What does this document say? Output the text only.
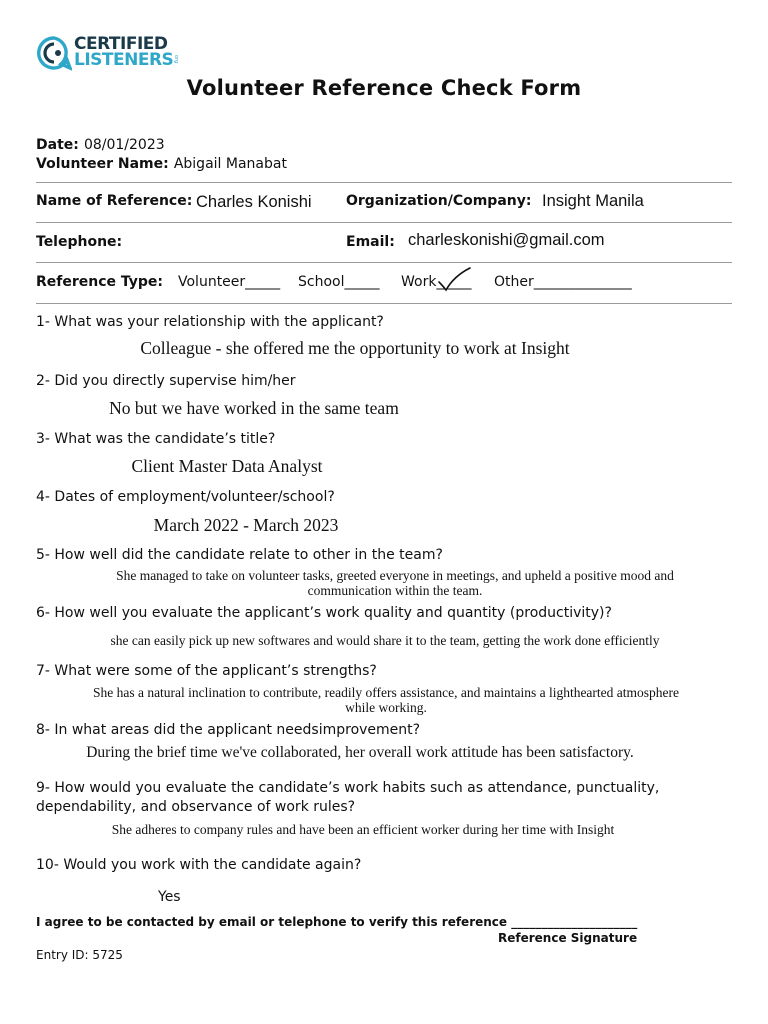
CERTIFIED
LISTENERS org
Volunteer Reference Check Form
Date: 08/01/2023
Volunteer Name: Abigail Manabat
Name of Reference: Charles Konishi Organization/Company: Insight Manila
Telephone:	Email: charleskonishi@gmail.com
Reference Type: Volunteer_____ School_____ Work_____ Other______________
1- What was your relationship with the applicant?
Colleague - she offered me the opportunity to work at Insight
2- Did you directly supervise him/her
No but we have worked in the same team
3- What was the candidate’s title?
Client Master Data Analyst
4- Dates of employment/volunteer/school?
March 2022 - March 2023
5- How well did the candidate relate to other in the team?
She managed to take on volunteer tasks, greeted everyone in meetings, and upheld a positive mood and communication within the team.
6- How well you evaluate the applicant’s work quality and quantity (productivity)?
she can easily pick up new softwares and would share it to the team, getting the work done efficiently
7- What were some of the applicant’s strengths?
She has a natural inclination to contribute, readily offers assistance, and maintains a lighthearted atmosphere while working.
8- In what areas did the applicant needsimprovement?
During the brief time we've collaborated, her overall work attitude has been satisfactory.
9- How would you evaluate the candidate’s work habits such as attendance, punctuality,
dependability, and observance of work rules?
She adheres to company rules and have been an efficient worker during her time with Insight
10- Would you work with the candidate again?
Yes
I agree to be contacted by email or telephone to verify this reference _____________________
Reference Signature
Entry ID: 5725
